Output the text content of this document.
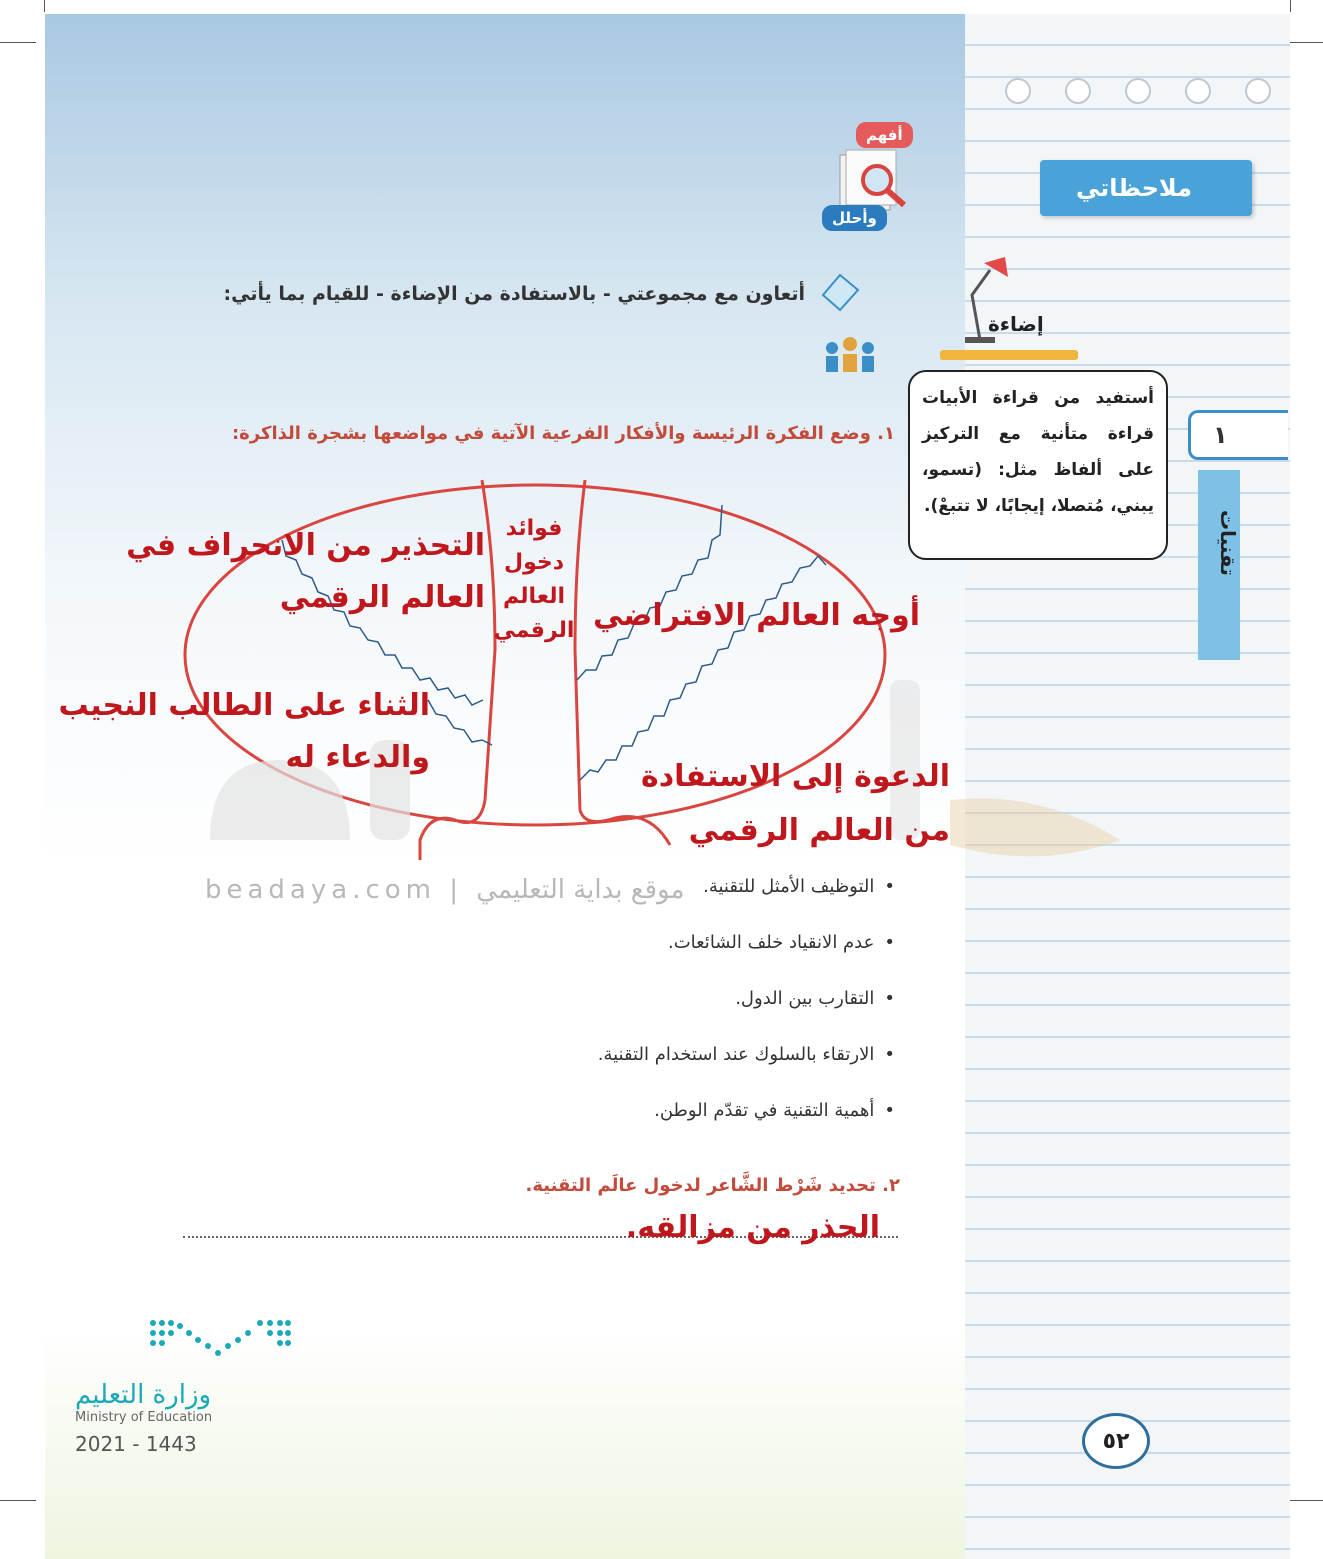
ملاحظاتي
إضاءة
أستفيد من قراءة الأبيات قراءة متأنية مع التركيز على ألفاظ مثل: (تسمو، يبني، مُتصلا، إيجابًا، لا تتبعْ).
١
تقنيات
٥٢
أفهم
وأحلل
أتعاون مع مجموعتي - بالاستفادة من الإضاءة - للقيام بما يأتي:
١. وضع الفكرة الرئيسة والأفكار الفرعية الآتية في مواضعها بشجرة الذاكرة:
beadaya.com | موقع بداية التعليمي
فوائد دخول العالم الرقمي
التحذير من الانحراف في العالم الرقمي
الثناء على الطالب النجيب والدعاء له
أوجه العالم الافتراضي
الدعوة إلى الاستفادة من العالم الرقمي
• التوظيف الأمثل للتقنية.
• عدم الانقياد خلف الشائعات.
• التقارب بين الدول.
• الارتقاء بالسلوك عند استخدام التقنية.
• أهمية التقنية في تقدّم الوطن.
٢. تحديد شَرْط الشَّاعر لدخول عالَم التقنية.
الحذر من مزالقه.
وزارة التعليم
Ministry of Education
2021 - 1443
